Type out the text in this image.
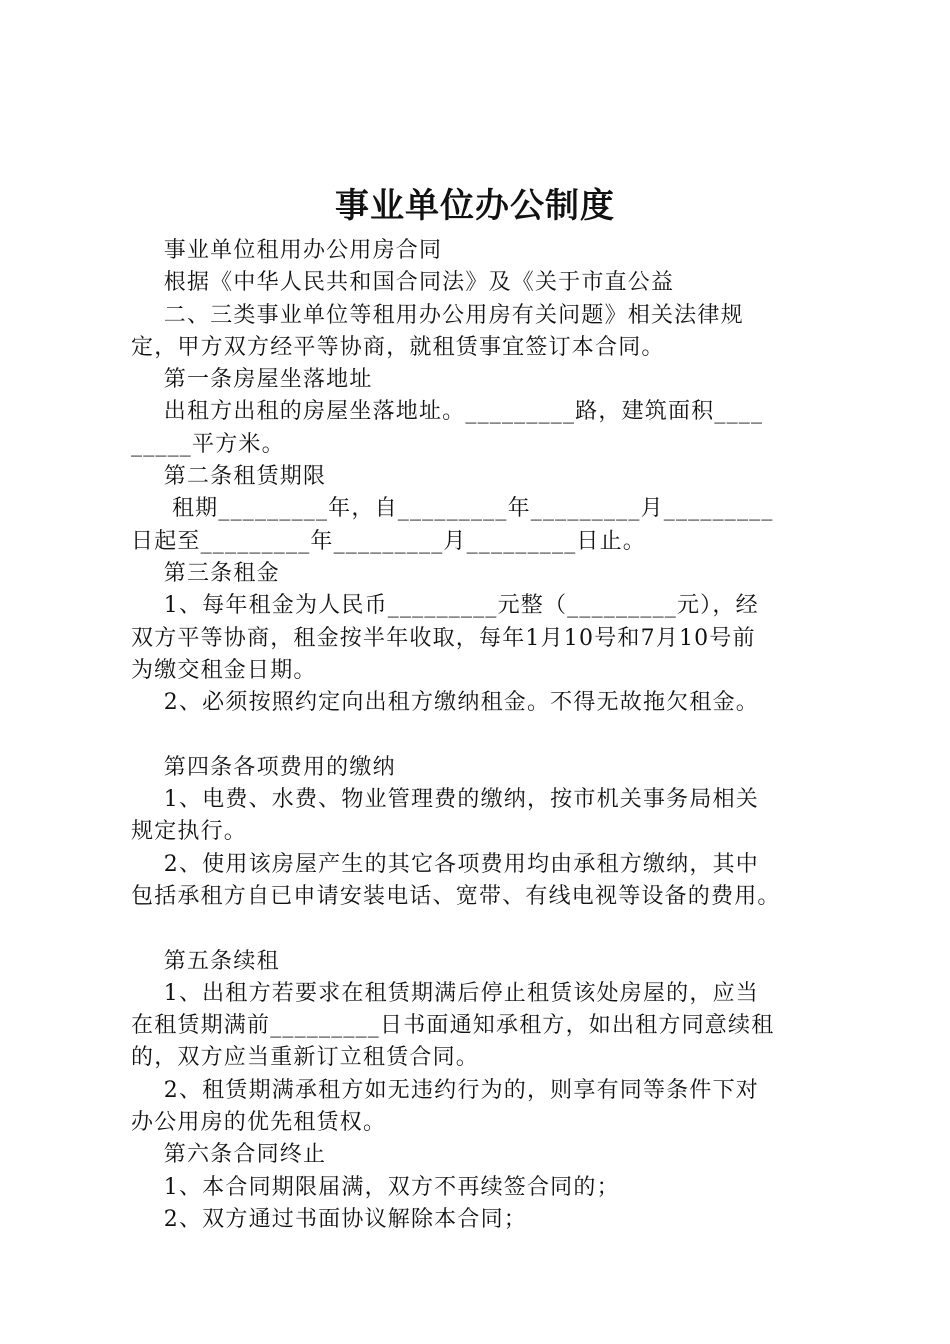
事业单位办公制度

事业单位租用办公用房合同

根据《中华人民共和国合同法》及《关于市直公益

二、三类事业单位等租用办公用房有关问题》相关法律规

定，甲方双方经平等协商，就租赁事宜签订本合同。

第一条房屋坐落地址

出租方出租的房屋坐落地址。_________路，建筑面积____

_____平方米。

第二条租赁期限

租期_________年，自_________年_________月_________

日起至_________年_________月_________日止。

第三条租金

1、每年租金为人民币_________元整（_________元），经

双方平等协商，租金按半年收取，每年1月10号和7月10号前

为缴交租金日期。

2、必须按照约定向出租方缴纳租金。不得无故拖欠租金。

第四条各项费用的缴纳

1、电费、水费、物业管理费的缴纳，按市机关事务局相关

规定执行。

2、使用该房屋产生的其它各项费用均由承租方缴纳，其中

包括承租方自已申请安装电话、宽带、有线电视等设备的费用。

第五条续租

1、出租方若要求在租赁期满后停止租赁该处房屋的，应当

在租赁期满前_________日书面通知承租方，如出租方同意续租

的，双方应当重新订立租赁合同。

2、租赁期满承租方如无违约行为的，则享有同等条件下对

办公用房的优先租赁权。

第六条合同终止

1、本合同期限届满，双方不再续签合同的；

2、双方通过书面协议解除本合同；
